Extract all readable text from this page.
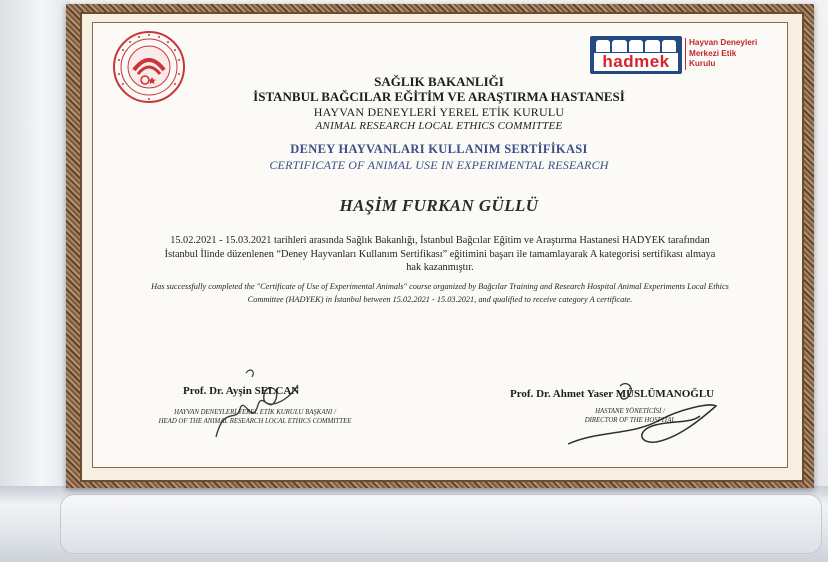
hadmek
Hayvan Deneyleri
Merkezi Etik
Kurulu
SAĞLIK BAKANLIĞI
İSTANBUL BAĞCILAR EĞİTİM VE ARAŞTIRMA HASTANESİ
HAYVAN DENEYLERİ YEREL ETİK KURULU
ANIMAL RESEARCH LOCAL ETHICS COMMITTEE
DENEY HAYVANLARI KULLANIM SERTİFİKASI
CERTIFICATE OF ANIMAL USE IN EXPERIMENTAL RESEARCH
HAŞİM FURKAN GÜLLÜ
15.02.2021 - 15.03.2021 tarihleri arasında Sağlık Bakanlığı, İstanbul Bağcılar Eğitim ve Araştırma Hastanesi HADYEK tarafından İstanbul İlinde düzenlenen “Deney Hayvanları Kullanım Sertifikası” eğitimini başarı ile tamamlayarak A kategorisi sertifikası almaya hak kazanmıştır.
Has successfully completed the "Certificate of Use of Experimental Animals" course organized by Bağcılar Training and Research Hospital Animal Experiments Local Ethics Committee (HADYEK) in İstanbul between 15.02.2021 - 15.03.2021, and qualified to receive category A certificate.
Prof. Dr. Ayşin SELCAN	Prof. Dr. Ahmet Yaser MÜSLÜMANOĞLU
HAYVAN DENEYLERİ YEREL ETİK KURULU BAŞKANI /
HEAD OF THE ANIMAL RESEARCH LOCAL ETHICS COMMITTEE
HASTANE YÖNETİCİSİ /
DIRECTOR OF THE HOSPITAL
